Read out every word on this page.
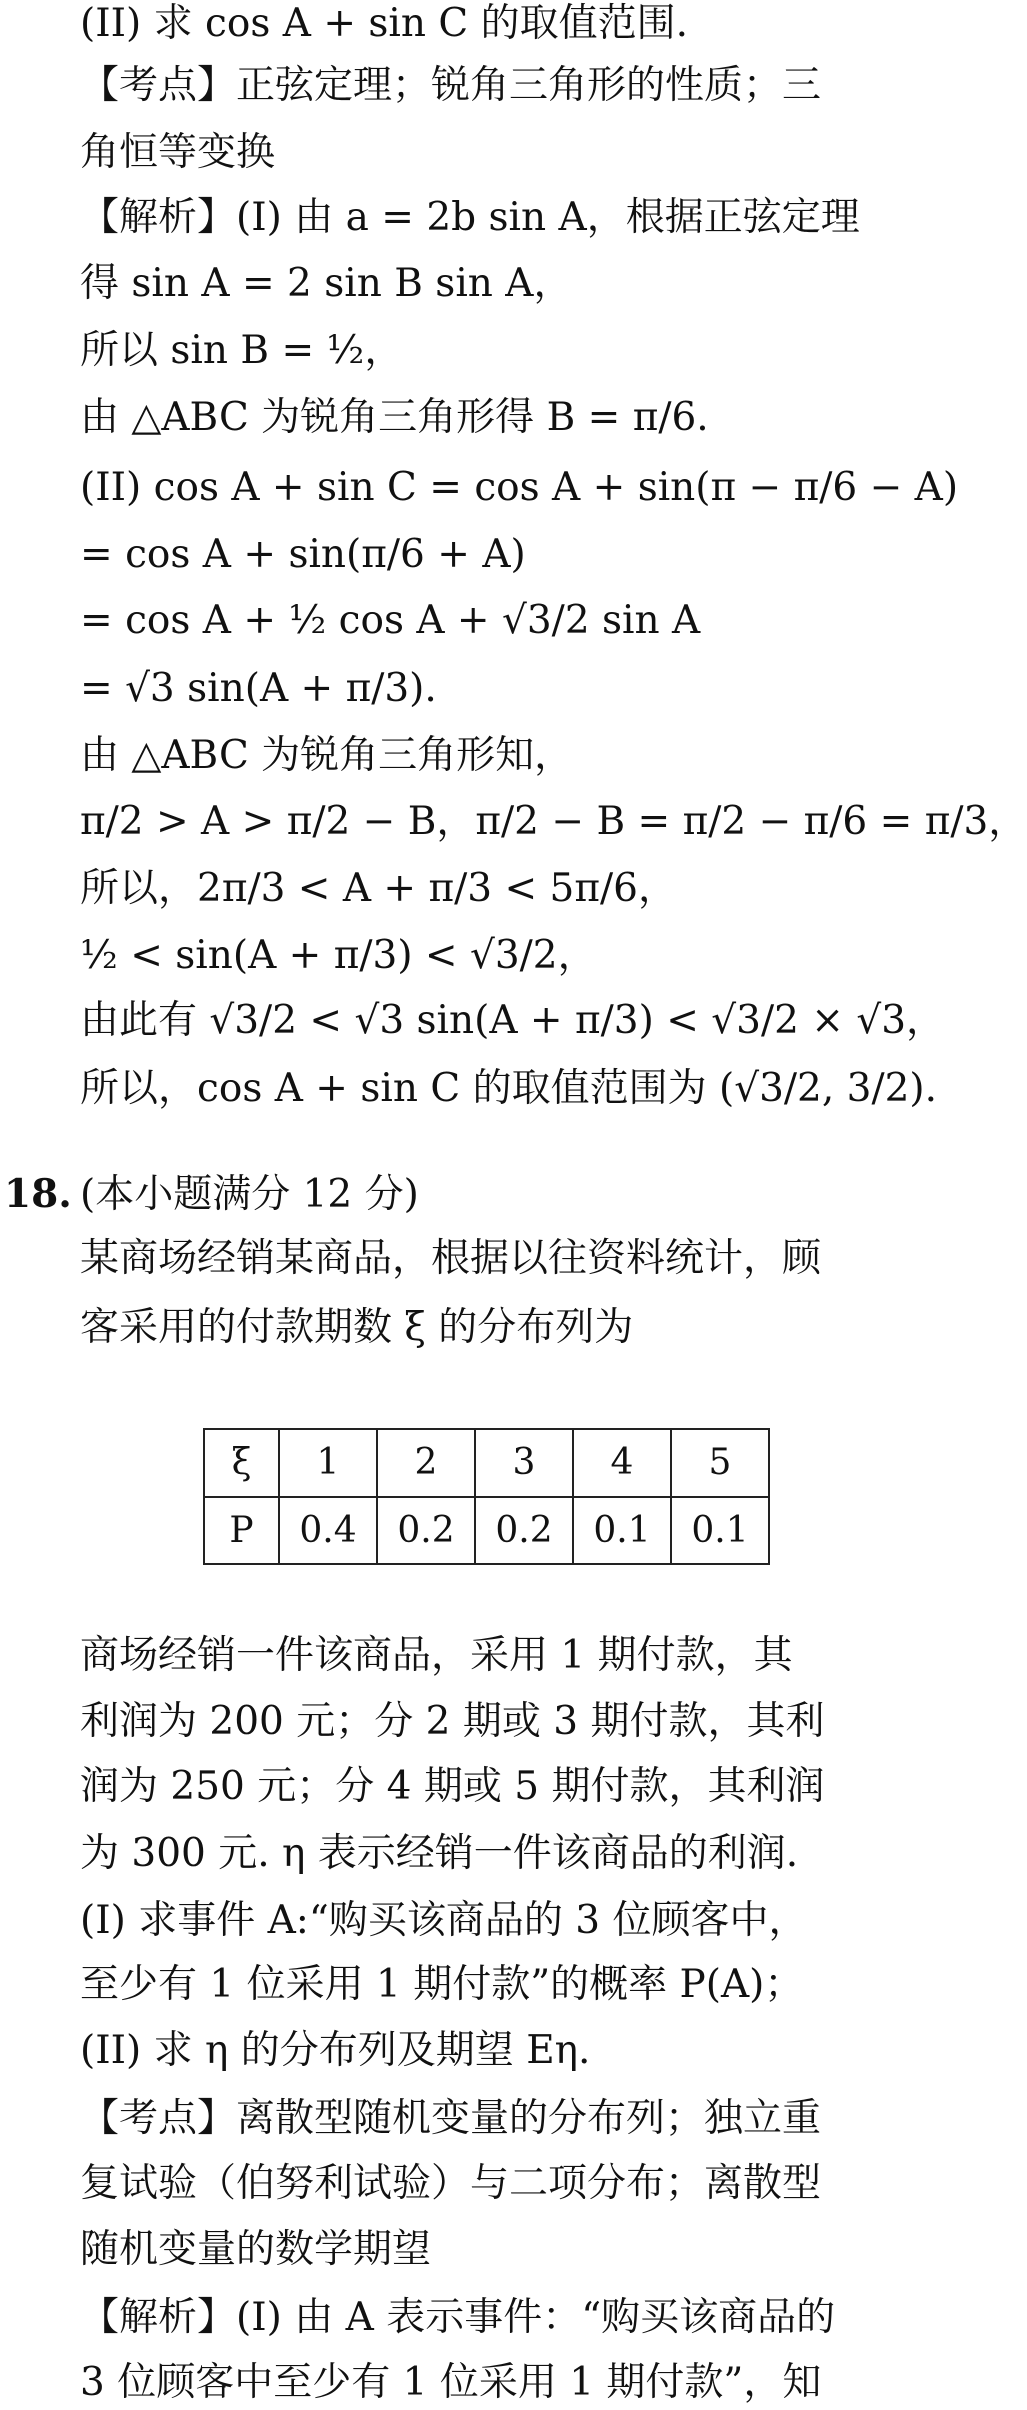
(II) 求 cos A + sin C 的取值范围.
【考点】正弦定理；锐角三角形的性质；三
角恒等变换
【解析】(I) 由 a = 2b sin A，根据正弦定理
得 sin A = 2 sin B sin A，
所以 sin B = ½，
由 △ABC 为锐角三角形得 B = π/6.
(II) cos A + sin C = cos A + sin(π − π/6 − A)
= cos A + sin(π/6 + A)
= cos A + ½ cos A + √3/2 sin A
= √3 sin(A + π/3).
由 △ABC 为锐角三角形知，
π/2 > A > π/2 − B，π/2 − B = π/2 − π/6 = π/3，
所以，2π/3 < A + π/3 < 5π/6，
½ < sin(A + π/3) < √3/2，
由此有 √3/2 < √3 sin(A + π/3) < √3/2 × √3，
所以，cos A + sin C 的取值范围为 (√3/2, 3/2).
18. (本小题满分 12 分)
某商场经销某商品，根据以往资料统计，顾
客采用的付款期数 ξ 的分布列为
ξ	1	2	3	4	5
P	0.4	0.2	0.2	0.1	0.1
商场经销一件该商品，采用 1 期付款，其
利润为 200 元；分 2 期或 3 期付款，其利
润为 250 元；分 4 期或 5 期付款，其利润
为 300 元. η 表示经销一件该商品的利润.
(I) 求事件 A:“购买该商品的 3 位顾客中，
至少有 1 位采用 1 期付款”的概率 P(A)；
(II) 求 η 的分布列及期望 Eη.
【考点】离散型随机变量的分布列；独立重
复试验（伯努利试验）与二项分布；离散型
随机变量的数学期望
【解析】(I) 由 A 表示事件：“购买该商品的
3 位顾客中至少有 1 位采用 1 期付款”，知
